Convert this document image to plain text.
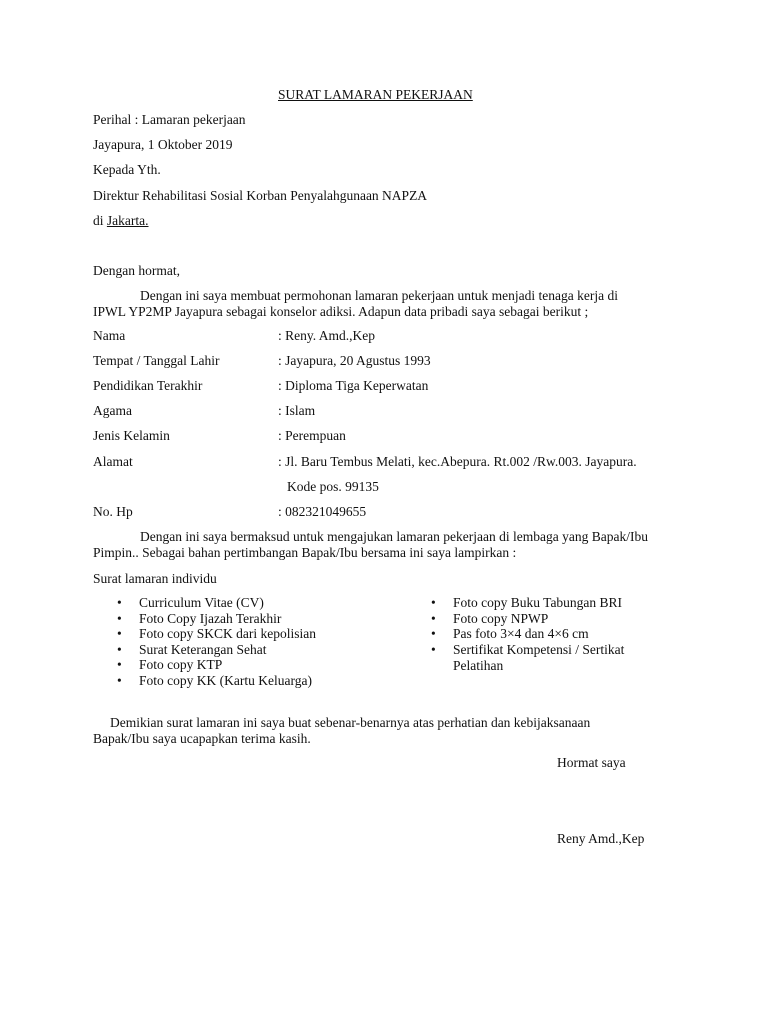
SURAT LAMARAN PEKERJAAN
Perihal : Lamaran pekerjaan
Jayapura, 1 Oktober 2019
Kepada Yth.
Direktur Rehabilitasi Sosial Korban Penyalahgunaan NAPZA
di Jakarta.
Dengan hormat,
Dengan ini saya membuat permohonan lamaran pekerjaan untuk menjadi tenaga kerja di
IPWL YP2MP Jayapura sebagai konselor adiksi. Adapun data pribadi saya sebagai berikut ;
Nama	: Reny. Amd.,Kep
Tempat / Tanggal Lahir	: Jayapura, 20 Agustus 1993
Pendidikan Terakhir	: Diploma Tiga Keperwatan
Agama	: Islam
Jenis Kelamin	: Perempuan
Alamat	: Jl. Baru Tembus Melati, kec.Abepura. Rt.002 /Rw.003. Jayapura.
Kode pos. 99135
No. Hp	: 082321049655
Dengan ini saya bermaksud untuk mengajukan lamaran pekerjaan di lembaga yang Bapak/Ibu
Pimpin.. Sebagai bahan pertimbangan Bapak/Ibu bersama ini saya lampirkan :
Surat lamaran individu
• Curriculum Vitae (CV)
• Foto Copy Ijazah Terakhir
• Foto copy SKCK dari kepolisian
• Surat Keterangan Sehat
• Foto copy KTP
• Foto copy KK (Kartu Keluarga)
• Foto copy Buku Tabungan BRI
• Foto copy NPWP
• Pas foto 3×4 dan 4×6 cm
• Sertifikat Kompetensi / Sertikat Pelatihan
Demikian surat lamaran ini saya buat sebenar-benarnya atas perhatian dan kebijaksanaan
Bapak/Ibu saya ucapapkan terima kasih.
Hormat saya
Reny Amd.,Kep
